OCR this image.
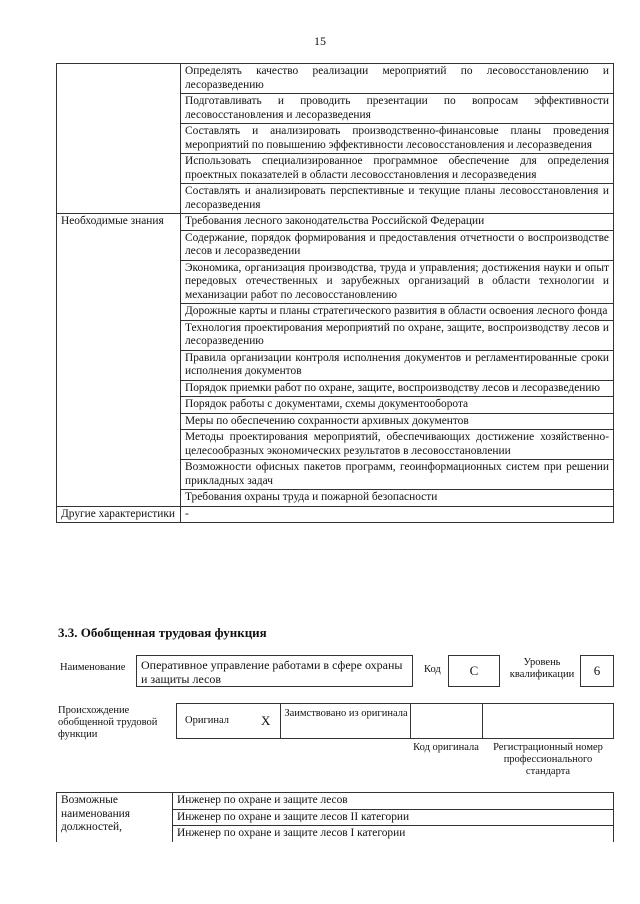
15
	Определять качество реализации мероприятий по лесовосстановлению и лесоразведению
	Подготавливать и проводить презентации по вопросам эффективности лесовосстановления и лесоразведения
	Составлять и анализировать производственно-финансовые планы проведения мероприятий по повышению эффективности лесовосстановления и лесоразведения
	Использовать специализированное программное обеспечение для определения проектных показателей в области лесовосстановления и лесоразведения
	Составлять и анализировать перспективные и текущие планы лесовосстановления и лесоразведения
Необходимые знания	Требования лесного законодательства Российской Федерации
	Содержание, порядок формирования и предоставления отчетности о воспроизводстве лесов и лесоразведении
	Экономика, организация производства, труда и управления; достижения науки и опыт передовых отечественных и зарубежных организаций в области технологии и механизации работ по лесовосстановлению
	Дорожные карты и планы стратегического развития в области освоения лесного фонда
	Технология проектирования мероприятий по охране, защите, воспроизводству лесов и лесоразведению
	Правила организации контроля исполнения документов и регламентированные сроки исполнения документов
	Порядок приемки работ по охране, защите, воспроизводству лесов и лесоразведению
	Порядок работы с документами, схемы документооборота
	Меры по обеспечению сохранности архивных документов
	Методы проектирования мероприятий, обеспечивающих достижение хозяйственно-целесообразных экономических результатов в лесовосстановлении
	Возможности офисных пакетов программ, геоинформационных систем при решении прикладных задач
	Требования охраны труда и пожарной безопасности
Другие характеристики	-
3.3. Обобщенная трудовая функция
Наименование	Оперативное управление работами в сфере охраны и защиты лесов
Код	C
Уровень квалификации	6
Происхождение обобщенной трудовой функции
Оригинал X	Заимствовано из оригинала
Код оригинала	Регистрационный номер профессионального стандарта
Возможные наименования должностей,	Инженер по охране и защите лесов
Инженер по охране и защите лесов II категории
Инженер по охране и защите лесов I категории
